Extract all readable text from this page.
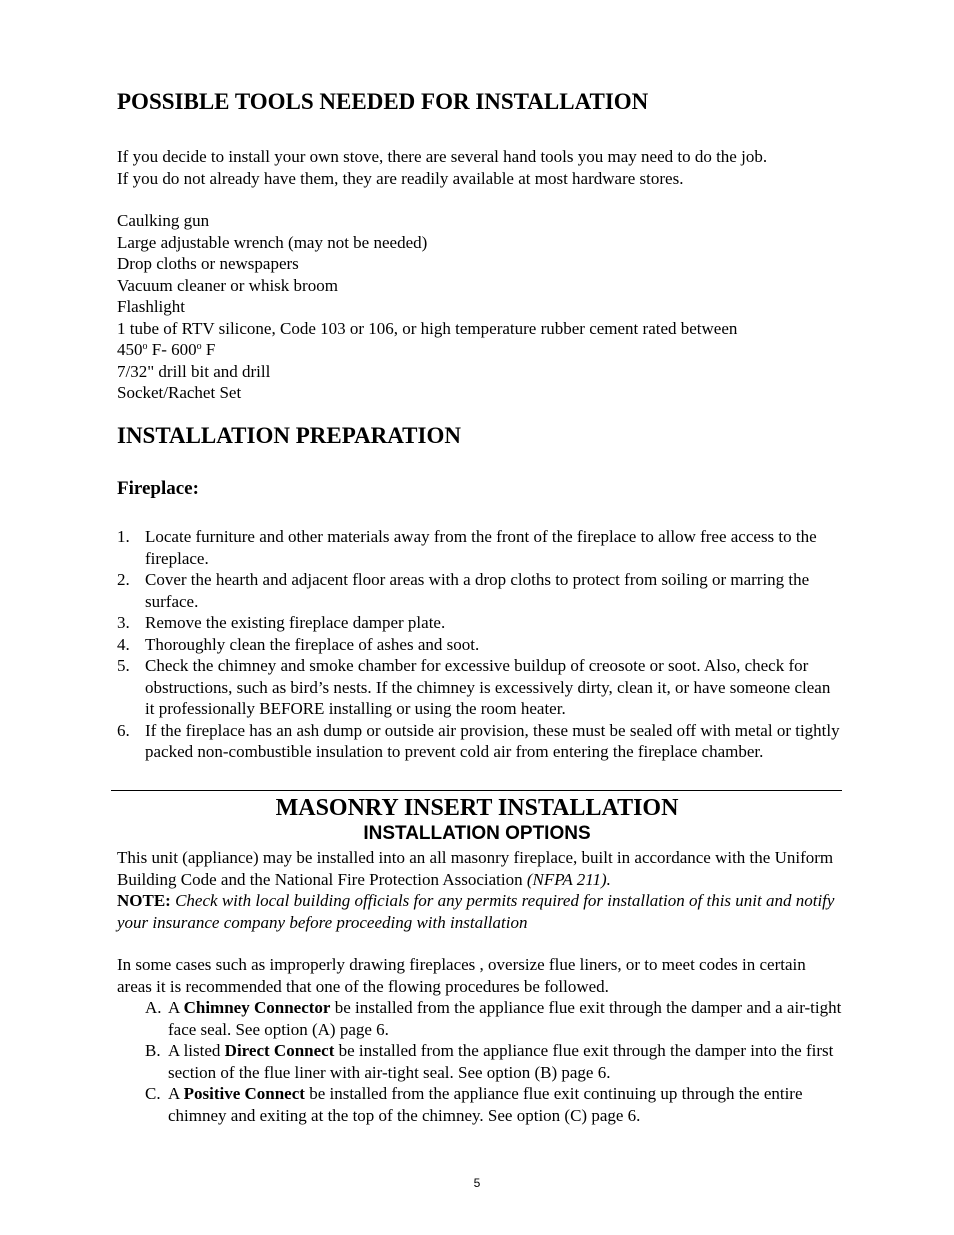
POSSIBLE TOOLS NEEDED FOR INSTALLATION

If you decide to install your own stove, there are several hand tools you may need to do the job.
If you do not already have them, they are readily available at most hardware stores.

Caulking gun
Large adjustable wrench (may not be needed)
Drop cloths or newspapers
Vacuum cleaner or whisk broom
Flashlight
1 tube of RTV silicone, Code 103 or 106, or high temperature rubber cement rated between
450$^o$ F- 600$^o$ F
7/32" drill bit and drill
Socket/Rachet Set
INSTALLATION PREPARATION
Fireplace:
1. Locate furniture and other materials away from the front of the fireplace to allow free access to the fireplace.
2. Cover the hearth and adjacent floor areas with a drop cloths to protect from soiling or marring the surface.
3. Remove the existing fireplace damper plate.
4. Thoroughly clean the fireplace of ashes and soot.
5. Check the chimney and smoke chamber for excessive buildup of creosote or soot. Also, check for obstructions, such as bird’s nests. If the chimney is excessively dirty, clean it, or have someone clean it professionally BEFORE installing or using the room heater.
6. If the fireplace has an ash dump or outside air provision, these must be sealed off with metal or tightly packed non-combustible insulation to prevent cold air from entering the fireplace chamber.
MASONRY INSERT INSTALLATION
INSTALLATION OPTIONS

This unit (appliance) may be installed into an all masonry fireplace, built in accordance with the Uniform Building Code and the National Fire Protection Association (NFPA 211).

NOTE: Check with local building officials for any permits required for installation of this unit and notify your insurance company before proceeding with installation

In some cases such as improperly drawing fireplaces , oversize flue liners, or to meet codes in certain areas it is recommended that one of the flowing procedures be followed.

A. A Chimney Connector be installed from the appliance flue exit through the damper and a air-tight face seal. See option (A) page 6.
B. A listed Direct Connect be installed from the appliance flue exit through the damper into the first section of the flue liner with air-tight seal. See option (B) page 6.
C. A Positive Connect be installed from the appliance flue exit continuing up through the entire chimney and exiting at the top of the chimney. See option (C) page 6.
5
